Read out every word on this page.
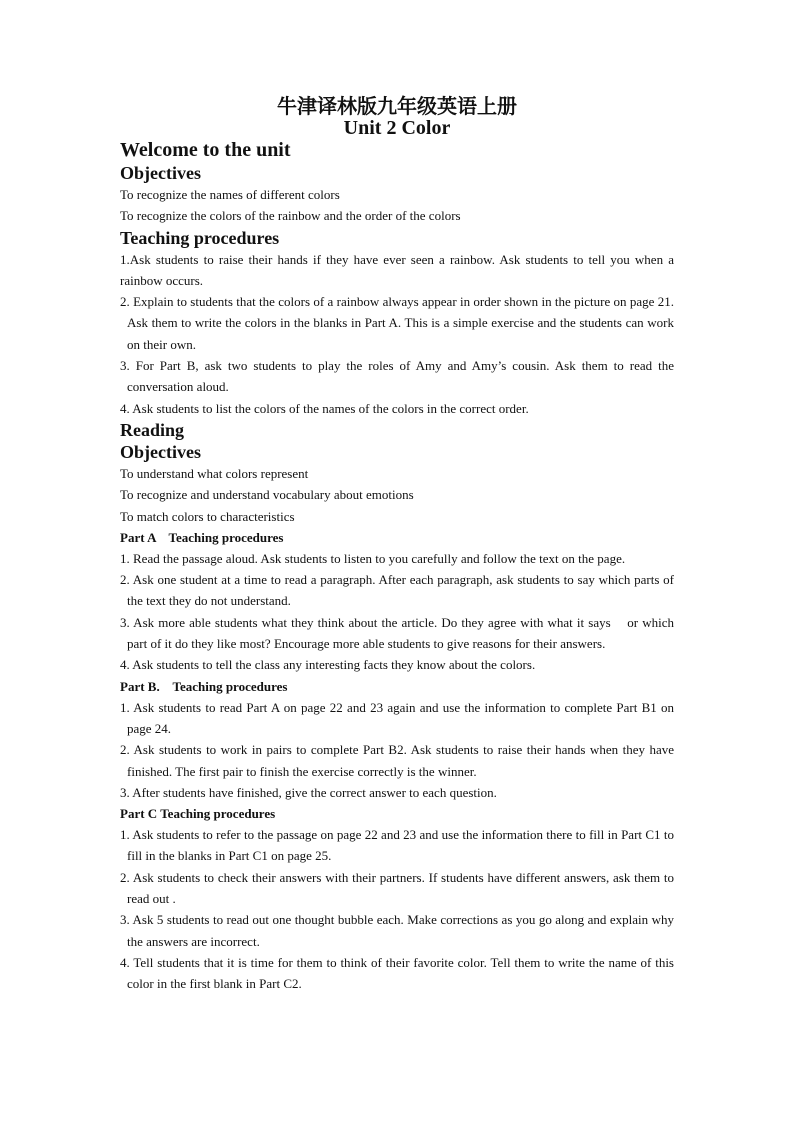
牛津译林版九年级英语上册
Unit 2 Color
Welcome to the unit
Objectives

To recognize the names of different colors

To recognize the colors of the rainbow and the order of the colors

Teaching procedures

1.Ask students to raise their hands if they have ever seen a rainbow. Ask students to tell you when a rainbow occurs.

2. Explain to students that the colors of a rainbow always appear in order shown in the picture on page 21. Ask them to write the colors in the blanks in Part A. This is a simple exercise and the students can work on their own.

3. For Part B, ask two students to play the roles of Amy and Amy’s cousin. Ask them to read the conversation aloud.

4. Ask students to list the colors of the names of the colors in the correct order.

Reading
Objectives

To understand what colors represent

To recognize and understand vocabulary about emotions

To match colors to characteristics

Part A    Teaching procedures

1. Read the passage aloud. Ask students to listen to you carefully and follow the text on the page.

2. Ask one student at a time to read a paragraph. After each paragraph, ask students to say which parts of the text they do not understand.

3. Ask more able students what they think about the article. Do they agree with what it says    or which part of it do they like most? Encourage more able students to give reasons for their answers.

4. Ask students to tell the class any interesting facts they know about the colors.

Part B.    Teaching procedures

1. Ask students to read Part A on page 22 and 23 again and use the information to complete Part B1 on page 24.

2. Ask students to work in pairs to complete Part B2. Ask students to raise their hands when they have finished. The first pair to finish the exercise correctly is the winner.

3. After students have finished, give the correct answer to each question.

Part C Teaching procedures

1. Ask students to refer to the passage on page 22 and 23 and use the information there to fill in Part C1 to fill in the blanks in Part C1 on page 25.

2. Ask students to check their answers with their partners. If students have different answers, ask them to read out .

3. Ask 5 students to read out one thought bubble each. Make corrections as you go along and explain why the answers are incorrect.

4. Tell students that it is time for them to think of their favorite color. Tell them to write the name of this color in the first blank in Part C2.
